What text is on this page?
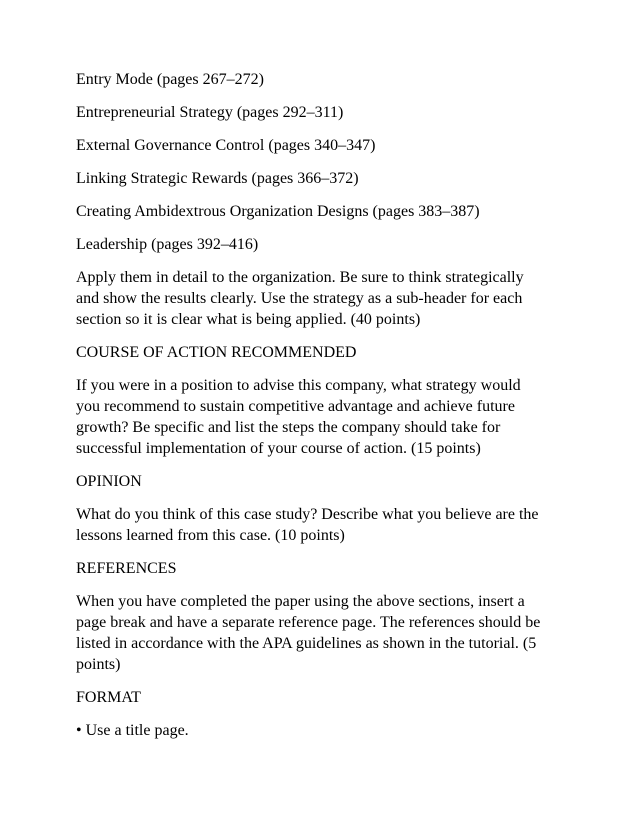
Entry Mode (pages 267–272)

Entrepreneurial Strategy (pages 292–311)

External Governance Control (pages 340–347)

Linking Strategic Rewards (pages 366–372)

Creating Ambidextrous Organization Designs (pages 383–387)

Leadership (pages 392–416)

Apply them in detail to the organization. Be sure to think strategically
and show the results clearly. Use the strategy as a sub-header for each
section so it is clear what is being applied. (40 points)

COURSE OF ACTION RECOMMENDED

If you were in a position to advise this company, what strategy would
you recommend to sustain competitive advantage and achieve future
growth? Be specific and list the steps the company should take for
successful implementation of your course of action. (15 points)

OPINION

What do you think of this case study? Describe what you believe are the
lessons learned from this case. (10 points)

REFERENCES

When you have completed the paper using the above sections, insert a
page break and have a separate reference page. The references should be
listed in accordance with the APA guidelines as shown in the tutorial. (5
points)

FORMAT

• Use a title page.
